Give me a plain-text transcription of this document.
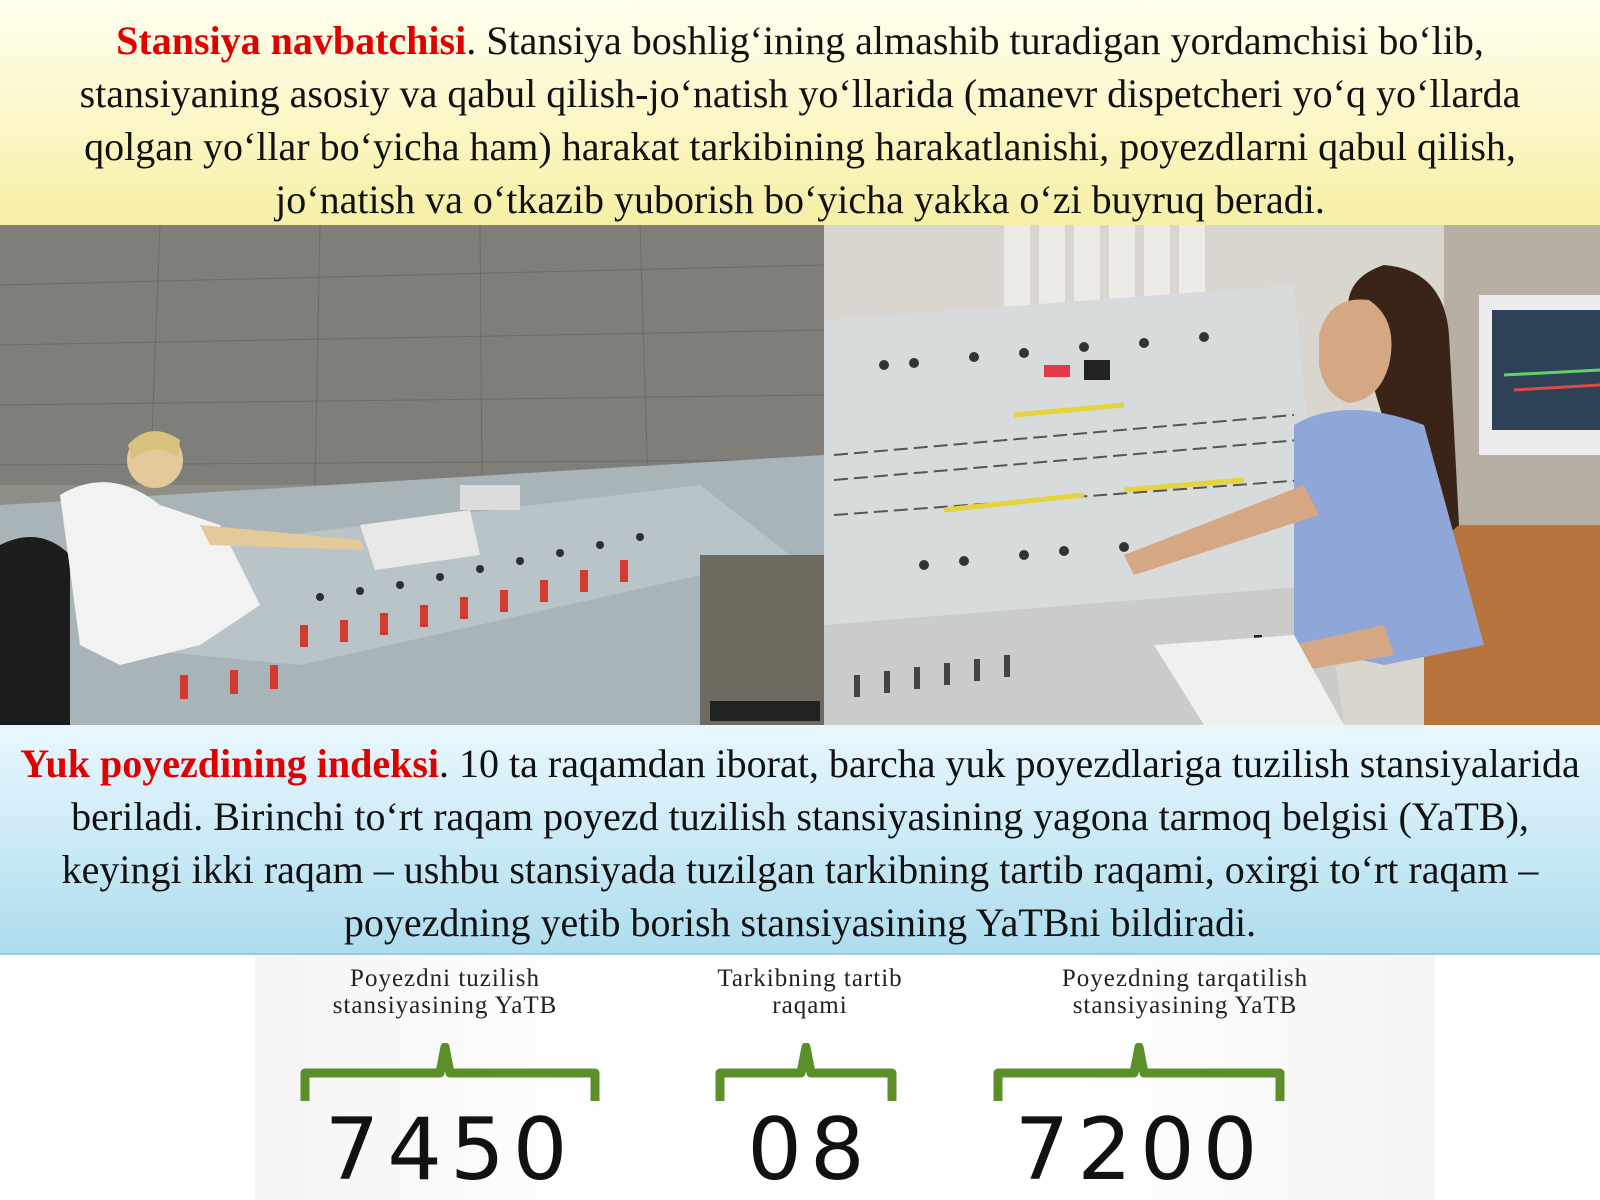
Stansiya navbatchisi. Stansiya boshlig‘ining almashib turadigan yordamchisi bo‘lib, stansiyaning asosiy va qabul qilish-jo‘natish yo‘llarida (manevr dispetcheri yo‘q yo‘llarda qolgan yo‘llar bo‘yicha ham) harakat tarkibining harakatlanishi, poyezdlarni qabul qilish, jo‘natish va o‘tkazib yuborish bo‘yicha yakka o‘zi buyruq beradi.
Yuk poyezdining indeksi. 10 ta raqamdan iborat, barcha yuk poyezdlariga tuzilish stansiyalarida beriladi. Birinchi to‘rt raqam poyezd tuzilish stansiyasining yagona tarmoq belgisi (YaTB), keyingi ikki raqam – ushbu stansiyada tuzilgan tarkibning tartib raqami, oxirgi to‘rt raqam – poyezdning yetib borish stansiyasining YaTBni bildiradi.
Poyezdni tuzilish
stansiyasining YaTB
Tarkibning tartib
raqami
Poyezdning tarqatilish
stansiyasining YaTB
7450 08 7200
